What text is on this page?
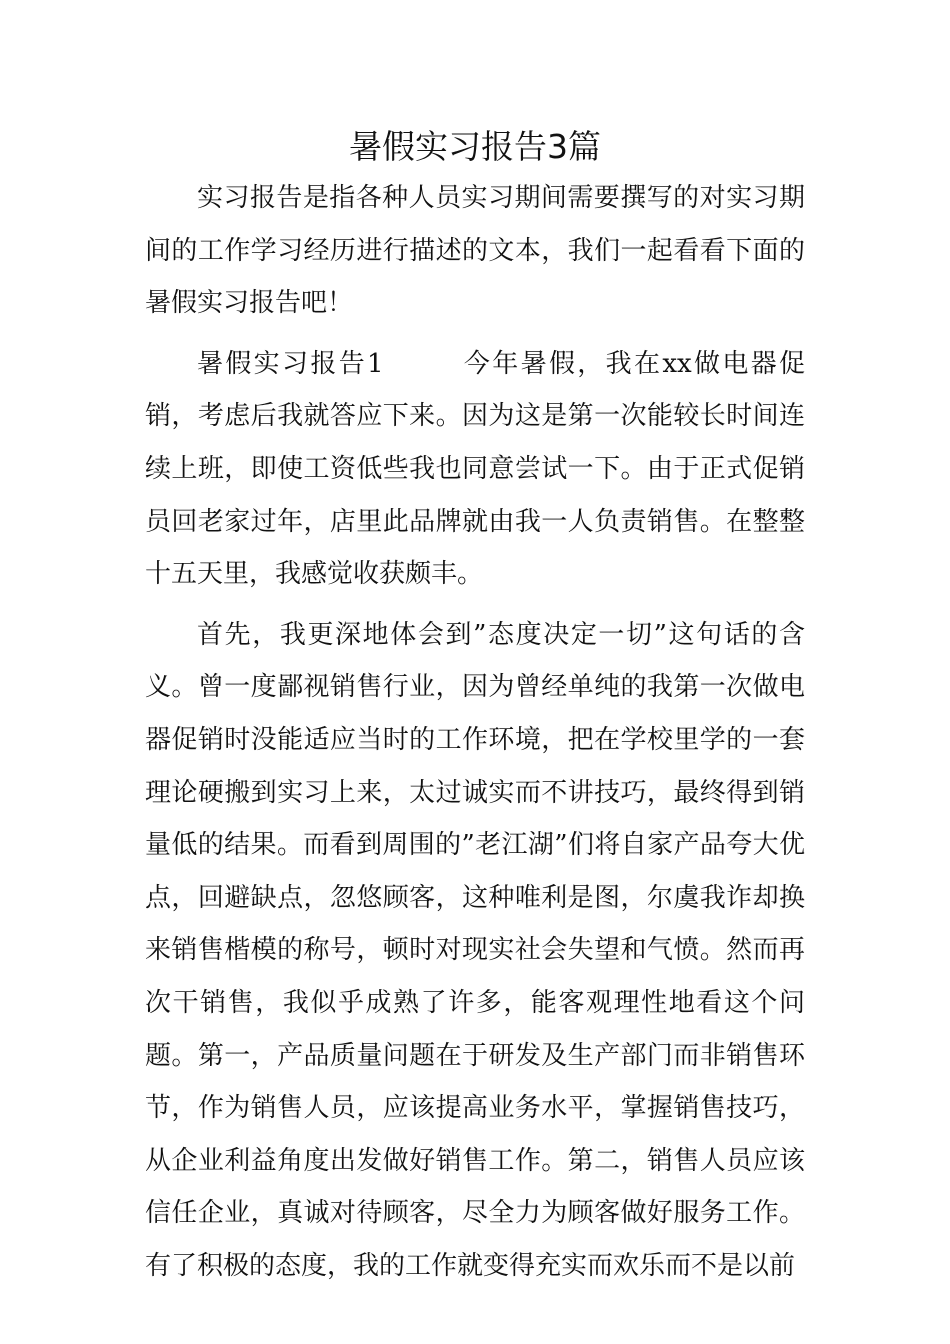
暑假实习报告3篇

实习报告是指各种人员实习期间需要撰写的对实习期间的工作学习经历进行描述的文本，我们一起看看下面的暑假实习报告吧！

暑假实习报告1	今年暑假，我在xx做电器促销，考虑后我就答应下来。因为这是第一次能较长时间连续上班，即使工资低些我也同意尝试一下。由于正式促销员回老家过年，店里此品牌就由我一人负责销售。在整整十五天里，我感觉收获颇丰。

首先，我更深地体会到”态度决定一切”这句话的含义。曾一度鄙视销售行业，因为曾经单纯的我第一次做电器促销时没能适应当时的工作环境，把在学校里学的一套理论硬搬到实习上来，太过诚实而不讲技巧，最终得到销量低的结果。而看到周围的”老江湖”们将自家产品夸大优点，回避缺点，忽悠顾客，这种唯利是图，尔虞我诈却换来销售楷模的称号，顿时对现实社会失望和气愤。然而再次干销售，我似乎成熟了许多，能客观理性地看这个问题。第一，产品质量问题在于研发及生产部门而非销售环节，作为销售人员，应该提高业务水平，掌握销售技巧，从企业利益角度出发做好销售工作。第二，销售人员应该信任企业，真诚对待顾客，尽全力为顾客做好服务工作。有了积极的态度，我的工作就变得充实而欢乐而不是以前
